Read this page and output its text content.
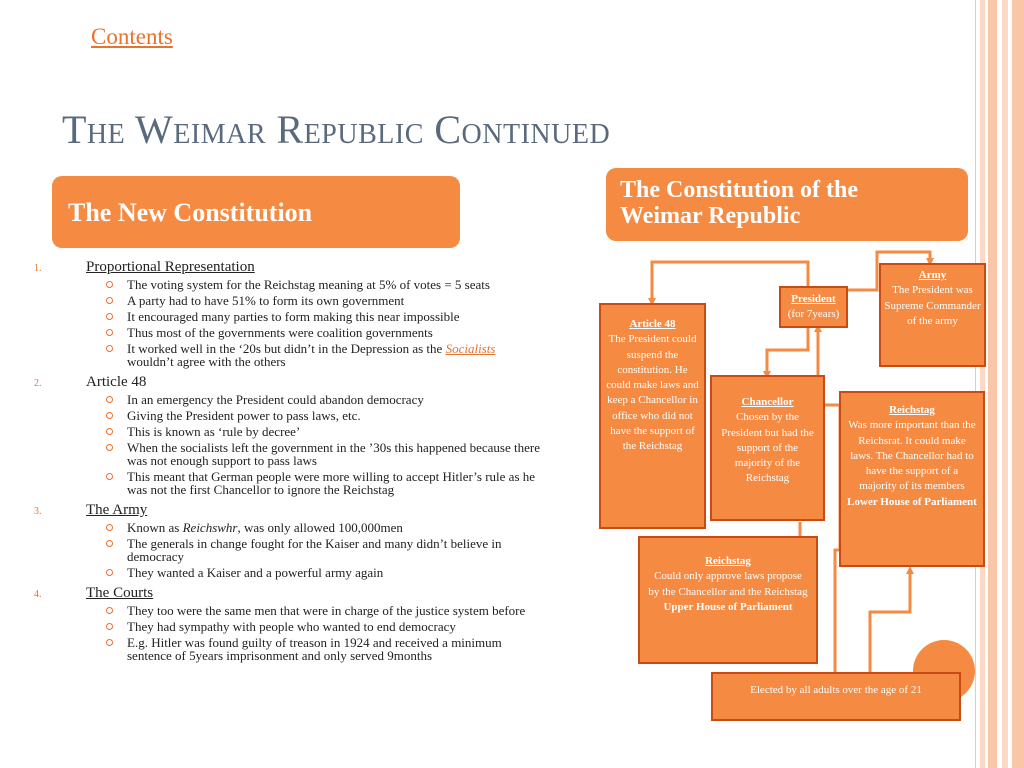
Contents
The Weimar Republic Continued
The New Constitution
The Constitution of the
Weimar Republic
1.	Proportional Representation
The voting system for the Reichstag meaning at 5% of votes = 5 seats
A party had to have 51% to form its own government
It encouraged many parties to form making this near impossible
Thus most of the governments were coalition governments
It worked well in the ‘20s but didn’t in the Depression as the Socialists wouldn’t agree with the others
2.	Article 48
In an emergency the President could abandon democracy
Giving the President power to pass laws, etc.
This is known as ‘rule by decree’
When the socialists left the government in the ’30s this happened because there was not enough support to pass laws
This meant that German people were more willing to accept Hitler’s rule as he was not the first Chancellor to ignore the Reichstag
3.	The Army
Known as Reichswhr, was only allowed 100,000men
The generals in change fought for the Kaiser and many didn’t believe in democracy
They wanted a Kaiser and a powerful army again
4.	The Courts
They too were the same men that were in charge of the justice system before
They had sympathy with people who wanted to end democracy
E.g. Hitler was found guilty of treason in 1924 and received a minimum sentence of 5years imprisonment and only served 9months
Army
The President was Supreme Commander of the army
President
(for 7years)
Article 48
The President could suspend the constitution. He could make laws and keep a Chancellor in office who did not have the support of the Reichstag
Chancellor
Chosen by the President but had the support of the majority of the Reichstag
Reichstag
Was more important than the Reichsrat. It could make laws. The Chancellor had to have the support of a majority of its members
Lower House of Parliament
Reichstag
Could only approve laws propose by the Chancellor and the Reichstag
Upper House of Parliament
Elected by all adults over the age of 21
